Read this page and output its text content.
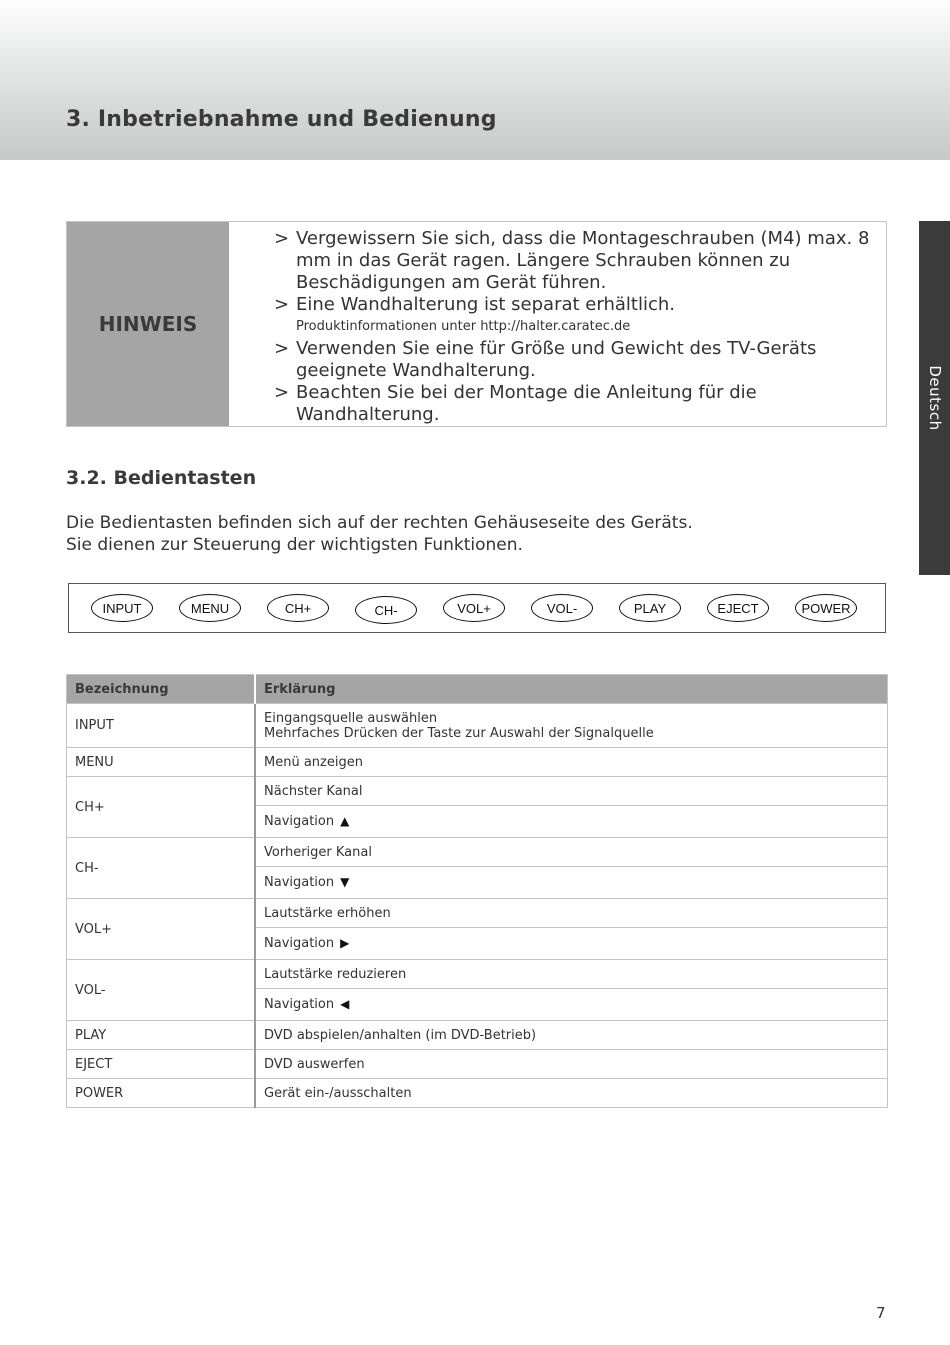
3. Inbetriebnahme und Bedienung
Deutsch
HINWEIS
> Vergewissern Sie sich, dass die Montageschrauben (M4) max. 8 mm in das Gerät ragen. Längere Schrauben können zu Beschädigungen am Gerät führen.
> Eine Wandhalterung ist separat erhältlich.
Produktinformationen unter http://halter.caratec.de
> Verwenden Sie eine für Größe und Gewicht des TV-Geräts geeignete Wandhalterung.
> Beachten Sie bei der Montage die Anleitung für die Wandhalterung.
3.2. Bedientasten

Die Bedientasten befinden sich auf der rechten Gehäuseseite des Geräts.
Sie dienen zur Steuerung der wichtigsten Funktionen.

INPUT	MENU	CH+	CH-	VOL+	VOL-	PLAY	EJECT	POWER
Bezeichnung	Erklärung
INPUT	Eingangsquelle auswählen
Mehrfaches Drücken der Taste zur Auswahl der Signalquelle
MENU	Menü anzeigen
CH+	Nächster Kanal
	Navigation ▲
CH-	Vorheriger Kanal
	Navigation ▼
VOL+	Lautstärke erhöhen
	Navigation ▶
VOL-	Lautstärke reduzieren
	Navigation ◀
PLAY	DVD abspielen/anhalten (im DVD-Betrieb)
EJECT	DVD auswerfen
POWER	Gerät ein-/ausschalten
7
